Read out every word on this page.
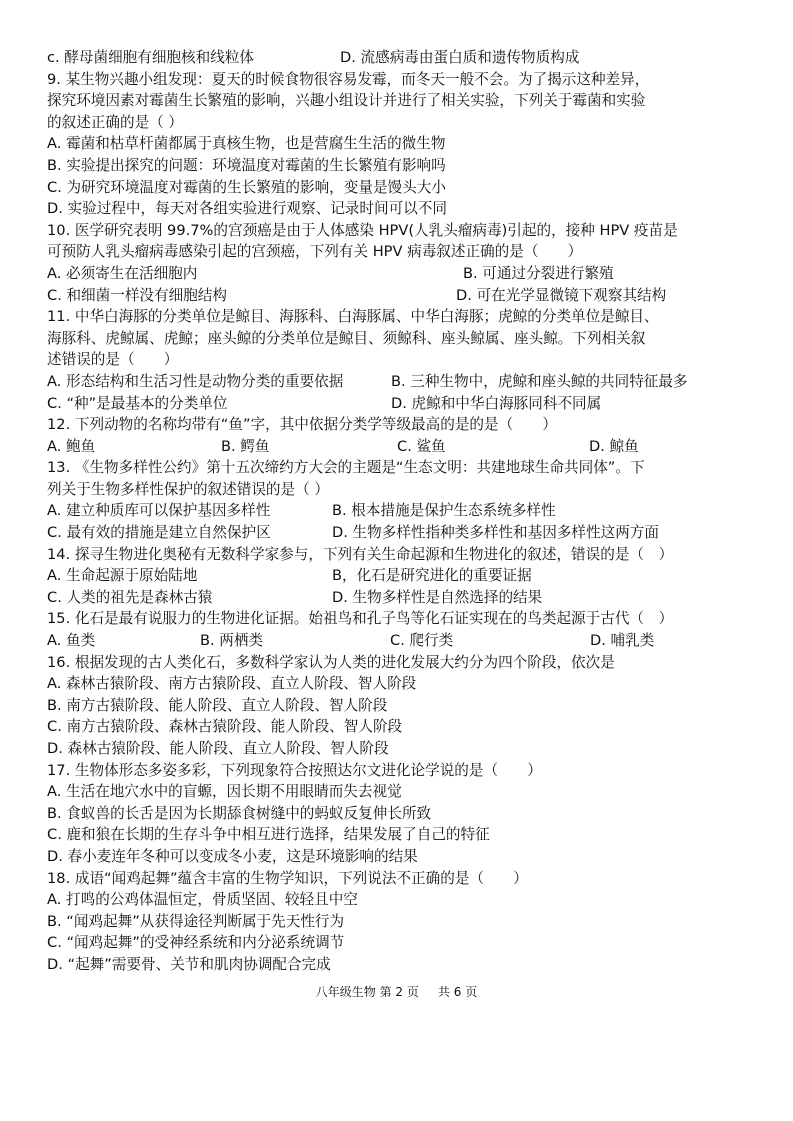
c. 酵母菌细胞有细胞核和线粒体	D. 流感病毒由蛋白质和遗传物质构成
9. 某生物兴趣小组发现：夏天的时候食物很容易发霉，而冬天一般不会。为了揭示这种差异，
探究环境因素对霉菌生长繁殖的影响，兴趣小组设计并进行了相关实验，下列关于霉菌和实验
的叙述正确的是（ ）
A. 霉菌和枯草杆菌都属于真核生物，也是营腐生生活的微生物
B. 实验提出探究的问题：环境温度对霉菌的生长繁殖有影响吗
C. 为研究环境温度对霉菌的生长繁殖的影响，变量是馒头大小
D. 实验过程中，每天对各组实验进行观察、记录时间可以不同
10. 医学研究表明 99.7%的宫颈癌是由于人体感染 HPV(人乳头瘤病毒)引起的，接种 HPV 疫苗是
可预防人乳头瘤病毒感染引起的宫颈癌，下列有关 HPV 病毒叙述正确的是（　　）
A. 必须寄生在活细胞内	B. 可通过分裂进行繁殖
C. 和细菌一样没有细胞结构	D. 可在光学显微镜下观察其结构
11. 中华白海豚的分类单位是鲸目、海豚科、白海豚属、中华白海豚；虎鲸的分类单位是鲸目、
海豚科、虎鲸属、虎鲸；座头鲸的分类单位是鲸目、须鲸科、座头鲸属、座头鲸。下列相关叙
述错误的是（　　）
A. 形态结构和生活习性是动物分类的重要依据	B. 三种生物中，虎鲸和座头鲸的共同特征最多
C. “种”是最基本的分类单位	D. 虎鲸和中华白海豚同科不同属
12. 下列动物的名称均带有“鱼”字，其中依据分类学等级最高的是的是（　　）
A. 鲍鱼	B. 鳄鱼	C. 鲨鱼	D. 鲸鱼
13. 《生物多样性公约》第十五次缔约方大会的主题是“生态文明：共建地球生命共同体”。下
列关于生物多样性保护的叙述错误的是（ ）
A. 建立种质库可以保护基因多样性	B. 根本措施是保护生态系统多样性
C. 最有效的措施是建立自然保护区	D. 生物多样性指种类多样性和基因多样性这两方面
14. 探寻生物进化奥秘有无数科学家参与，下列有关生命起源和生物进化的叙述，错误的是（　）
A. 生命起源于原始陆地	B，化石是研究进化的重要证据
C. 人类的祖先是森林古猿	D. 生物多样性是自然选择的结果
15. 化石是最有说服力的生物进化证据。始祖鸟和孔子鸟等化石证实现在的鸟类起源于古代（　）
A. 鱼类	B. 两栖类	C. 爬行类	D. 哺乳类
16. 根据发现的古人类化石，多数科学家认为人类的进化发展大约分为四个阶段，依次是
A. 森林古猿阶段、南方古猿阶段、直立人阶段、智人阶段
B. 南方古猿阶段、能人阶段、直立人阶段、智人阶段
C. 南方古猿阶段、森林古猿阶段、能人阶段、智人阶段
D. 森林古猿阶段、能人阶段、直立人阶段、智人阶段
17. 生物体形态多姿多彩，下列现象符合按照达尔文进化论学说的是（　　）
A. 生活在地穴水中的盲螈，因长期不用眼睛而失去视觉
B. 食蚁兽的长舌是因为长期舔食树缝中的蚂蚁反复伸长所致
C. 鹿和狼在长期的生存斗争中相互进行选择，结果发展了自己的特征
D. 春小麦连年冬种可以变成冬小麦，这是环境影响的结果
18. 成语“闻鸡起舞”蕴含丰富的生物学知识，下列说法不正确的是（　　）
A. 打鸣的公鸡体温恒定，骨质坚固、较轻且中空
B. “闻鸡起舞”从获得途径判断属于先天性行为
C. “闻鸡起舞”的受神经系统和内分泌系统调节
D. “起舞”需要骨、关节和肌肉协调配合完成
八年级生物 第 2 页     共 6 页
